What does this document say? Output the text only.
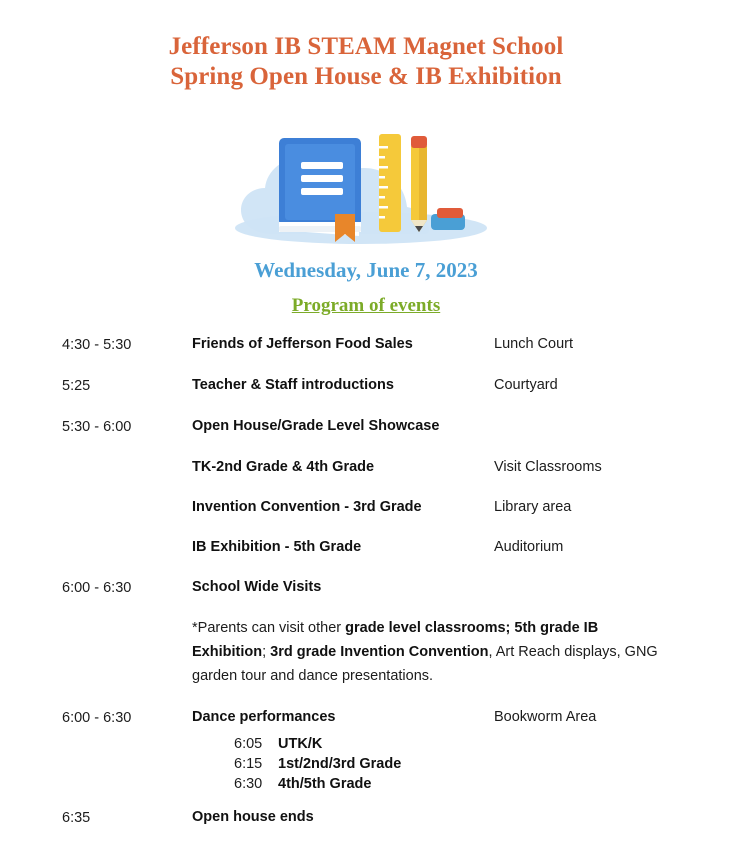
Jefferson IB STEAM Magnet School
Spring Open House & IB Exhibition
Wednesday, June 7, 2023
Program of events
4:30 - 5:30	Friends of Jefferson Food Sales	Lunch Court
5:25	Teacher & Staff introductions	Courtyard
5:30 - 6:00	Open House/Grade Level Showcase
TK-2nd Grade & 4th Grade	Visit Classrooms
Invention Convention - 3rd Grade	Library area
IB Exhibition - 5th Grade	Auditorium
6:00 - 6:30	School Wide Visits
*Parents can visit other grade level classrooms; 5th grade IB Exhibition; 3rd grade Invention Convention, Art Reach displays, GNG garden tour and dance presentations.
6:00 - 6:30	Dance performances	Bookworm Area
6:05	UTK/K
6:15	1st/2nd/3rd Grade
6:30	4th/5th Grade
6:35	Open house ends
